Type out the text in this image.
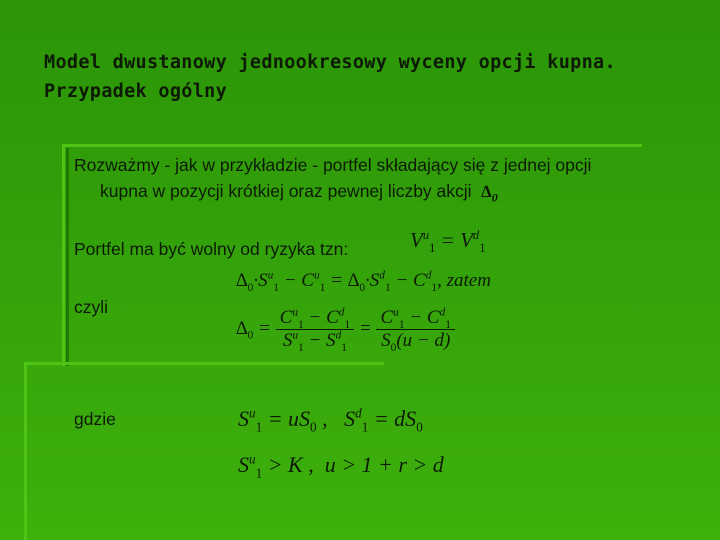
Model dwustanowy jednookresowy wyceny opcji kupna. Przypadek ogólny
Rozważmy - jak w przykładzie - portfel składający się z jednej opcji
kupna w pozycji krótkiej oraz pewnej liczby akcji $\Delta_0$
Portfel ma być wolny od ryzyka tzn:
czyli
gdzie
$V^u_1 = V^d_1$
$\Delta_0\cdot S^u_1 - C^u_1 = \Delta_0\cdot S^d_1 - C^d_1$, zatem
$\Delta_0 = \frac{C^u_1 - C^d_1}{S^u_1 - S^d_1} = \frac{C^u_1 - C^d_1}{S_0(u - d)}$
$S^u_1 = uS_0$ ,   $S^d_1 = dS_0$
$S^u_1 > K$ ,  u > 1 + r > d
